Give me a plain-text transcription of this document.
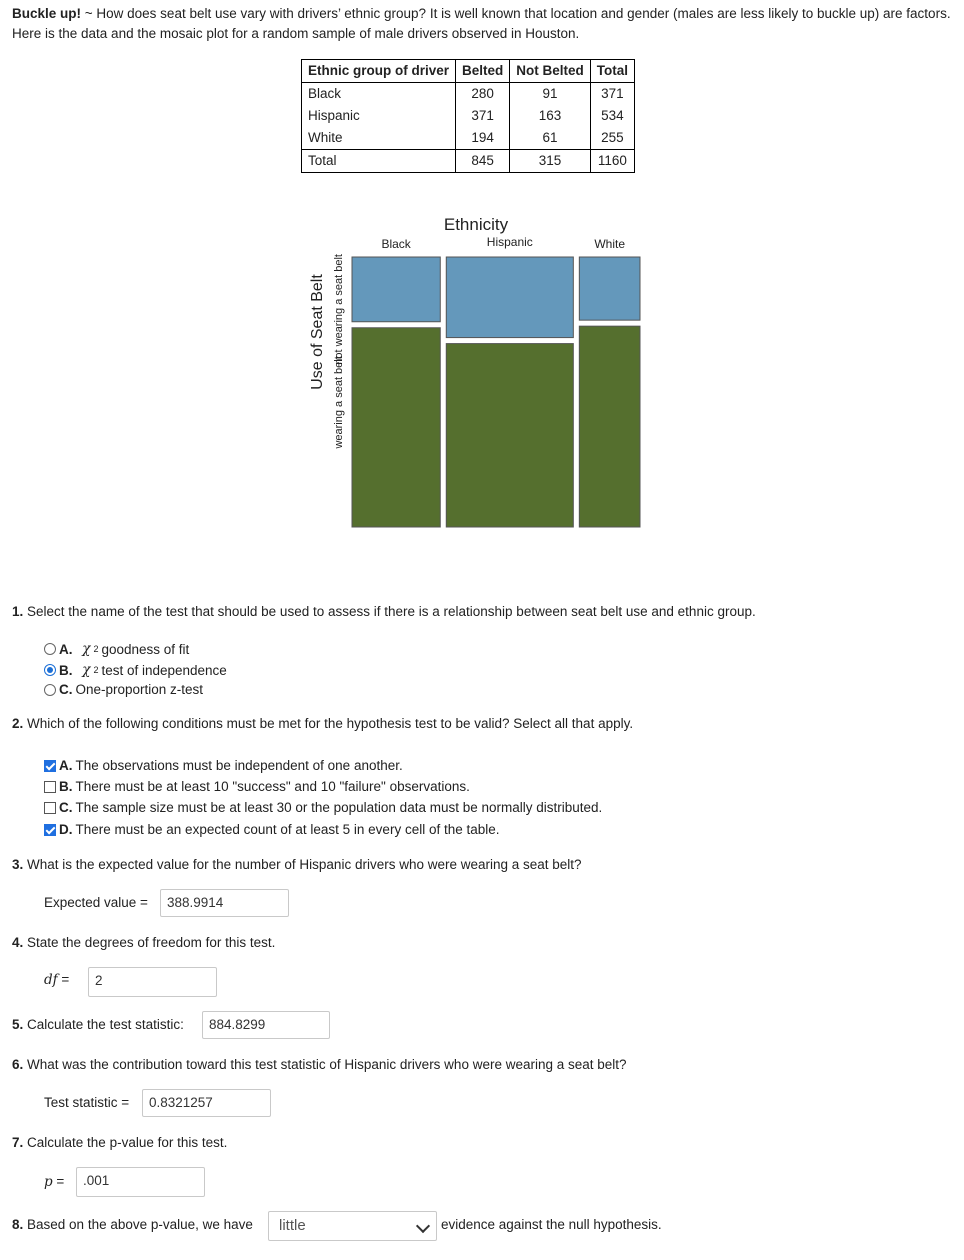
Buckle up! ~ How does seat belt use vary with drivers’ ethnic group? It is well known that location and gender (males are less likely to buckle up) are factors. Here is the data and the mosaic plot for a random sample of male drivers observed in Houston.
Ethnic group of driver	Belted	Not Belted	Total
Black	280	91	371
Hispanic	371	163	534
White	194	61	255
Total	845	315	1160
Ethnicity
Use of Seat Belt
Black	Hispanic	White
not wearing a seat belt
wearing a seat belt
1. Select the name of the test that should be used to assess if there is a relationship between seat belt use and ethnic group.
A.
χ 2 goodness of fit
B.
χ 2 test of independence
C. One-proportion z-test
2. Which of the following conditions must be met for the hypothesis test to be valid? Select all that apply.
A. The observations must be independent of one another.
B. There must be at least 10 "success" and 10 "failure" observations.
C. The sample size must be at least 30 or the population data must be normally distributed.
D. There must be an expected count of at least 5 in every cell of the table.
3. What is the expected value for the number of Hispanic drivers who were wearing a seat belt?
Expected value =	388.9914
4. State the degrees of freedom for this test.
df =	2
5. Calculate the test statistic:	884.8299
6. What was the contribution toward this test statistic of Hispanic drivers who were wearing a seat belt?
Test statistic =	0.8321257
7. Calculate the p-value for this test.
p =	.001
8. Based on the above p-value, we have	little	evidence against the null hypothesis.
